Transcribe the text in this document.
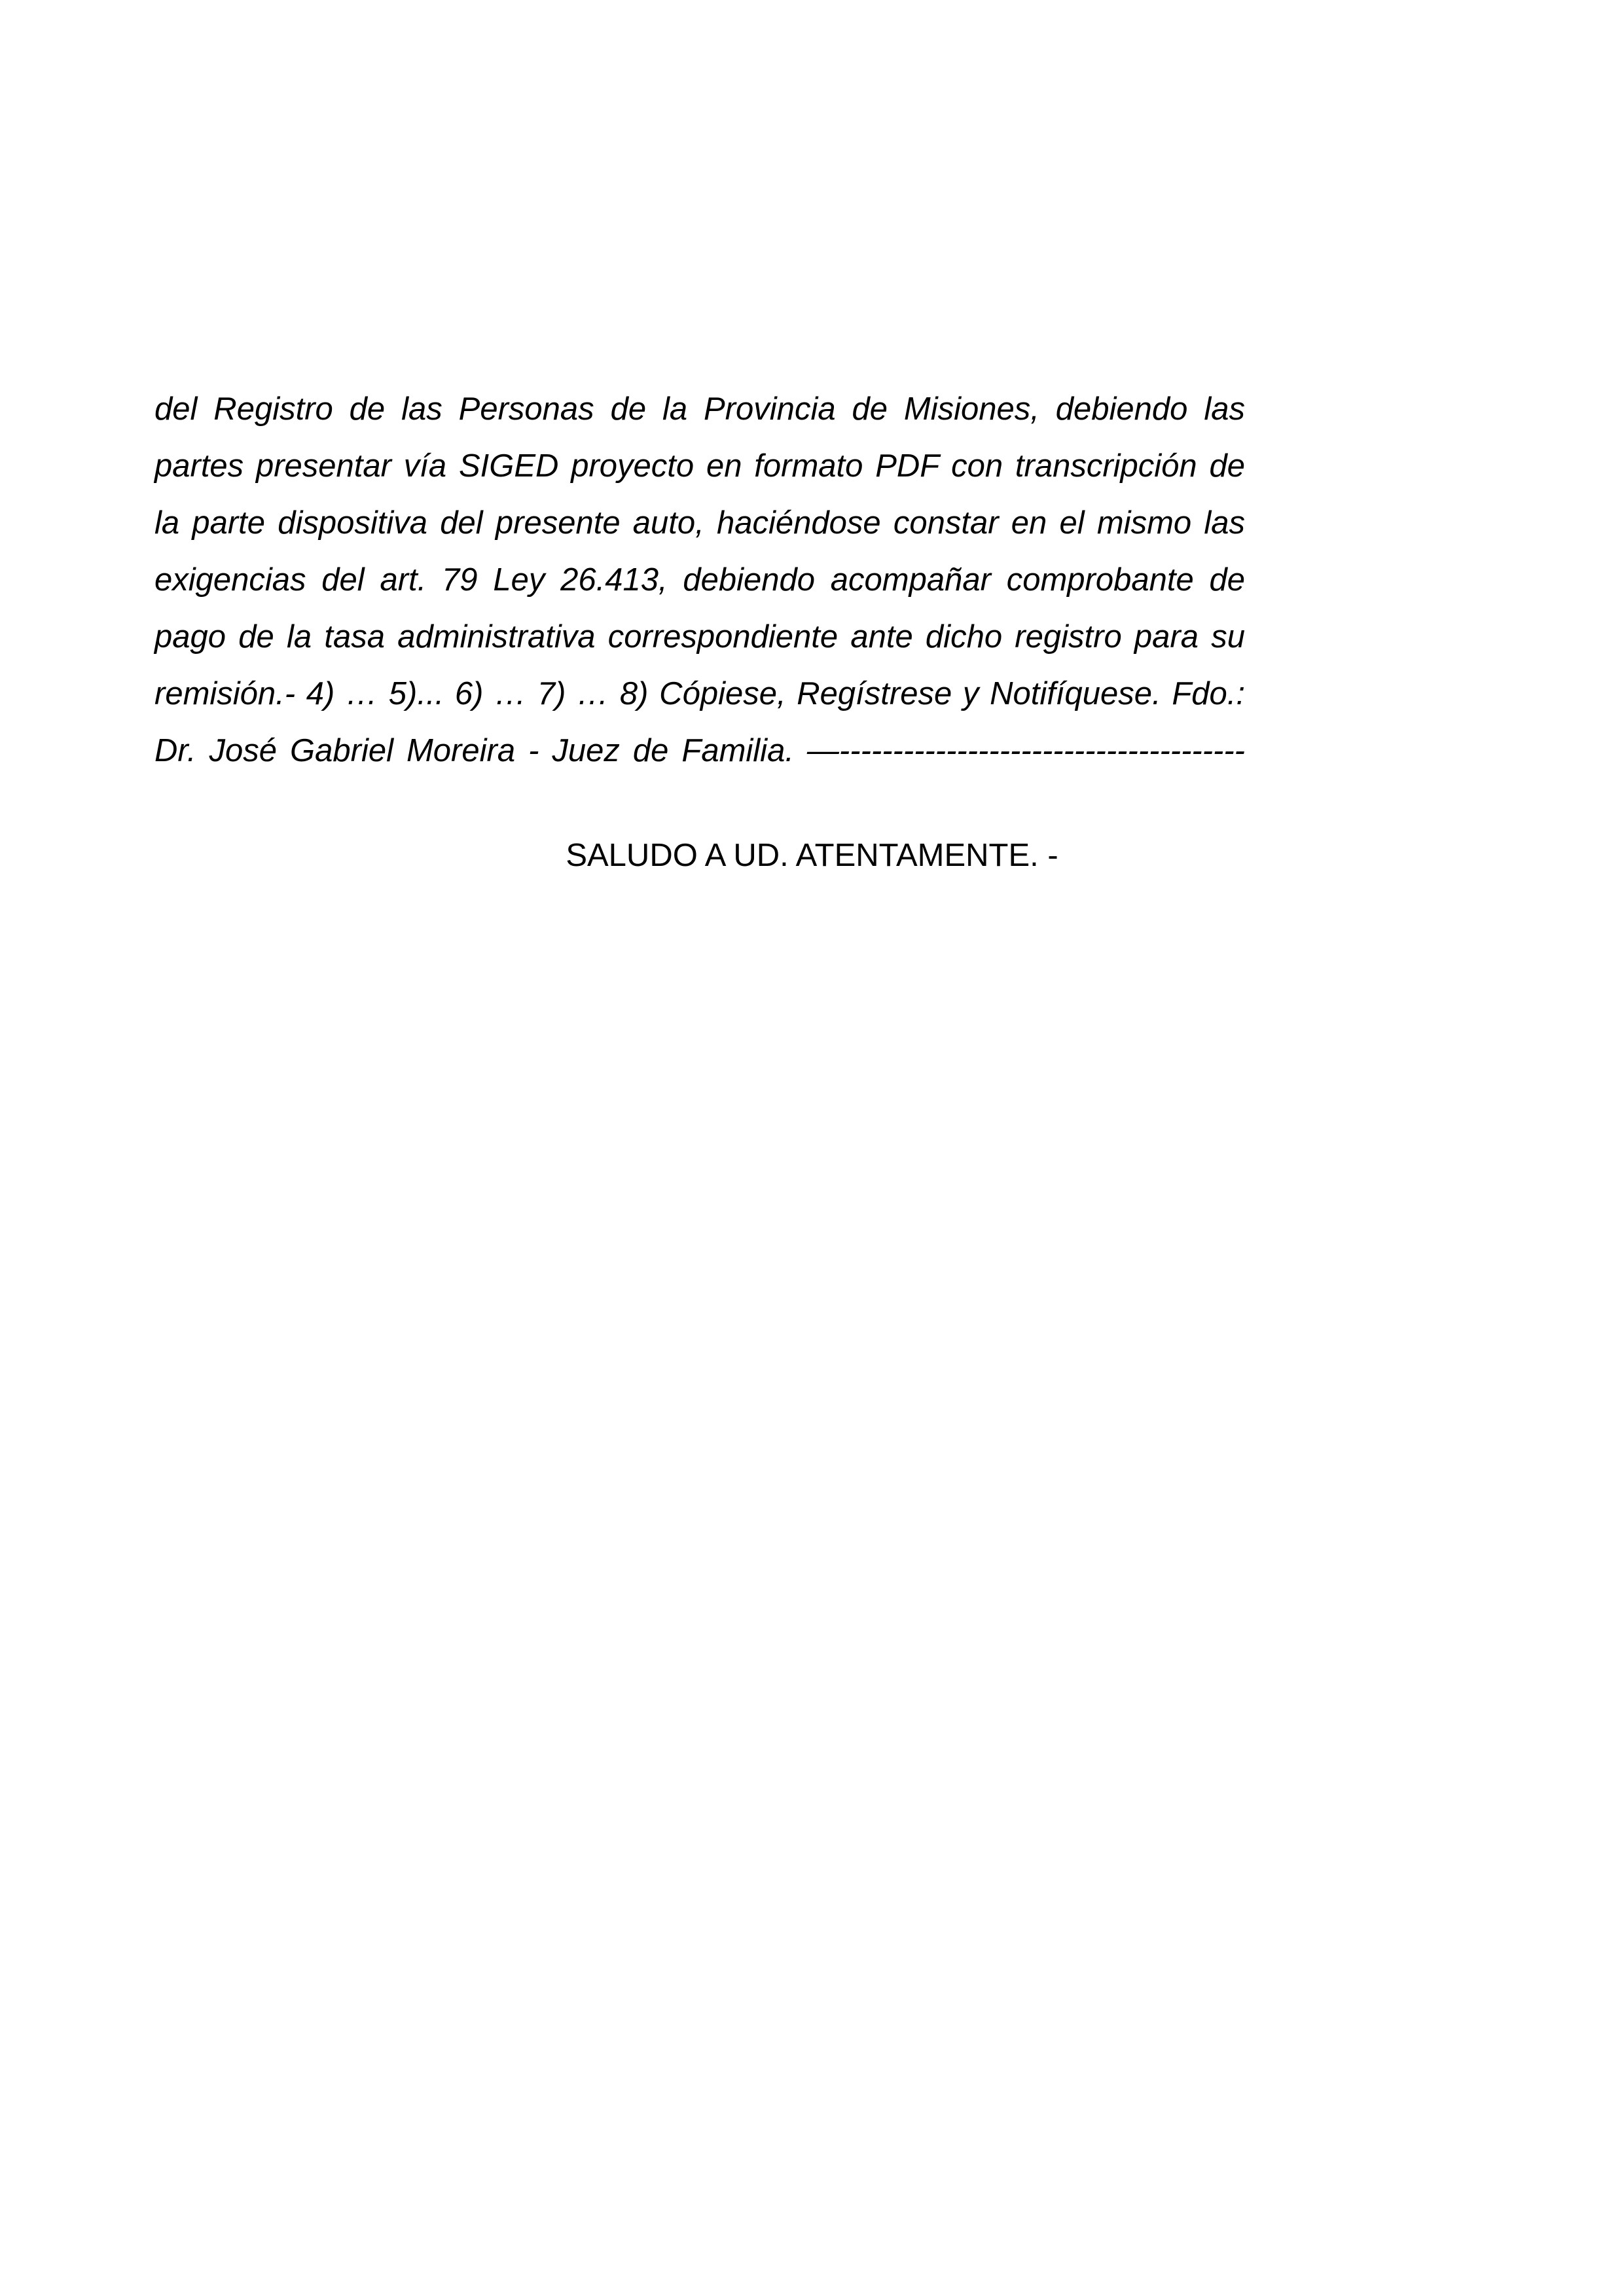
del Registro de las Personas de la Provincia de Misiones, debiendo las
partes presentar vía SIGED proyecto en formato PDF con transcripción de
la parte dispositiva del presente auto, haciéndose constar en el mismo las
exigencias del art. 79 Ley 26.413, debiendo acompañar comprobante de
pago de la tasa administrativa correspondiente ante dicho registro para su
remisión.- 4) … 5)... 6) … 7) … 8) Cópiese, Regístrese y Notifíquese. Fdo.:
Dr. José Gabriel Moreira - Juez de Familia. —--------------------------------------
SALUDO A UD. ATENTAMENTE. -
